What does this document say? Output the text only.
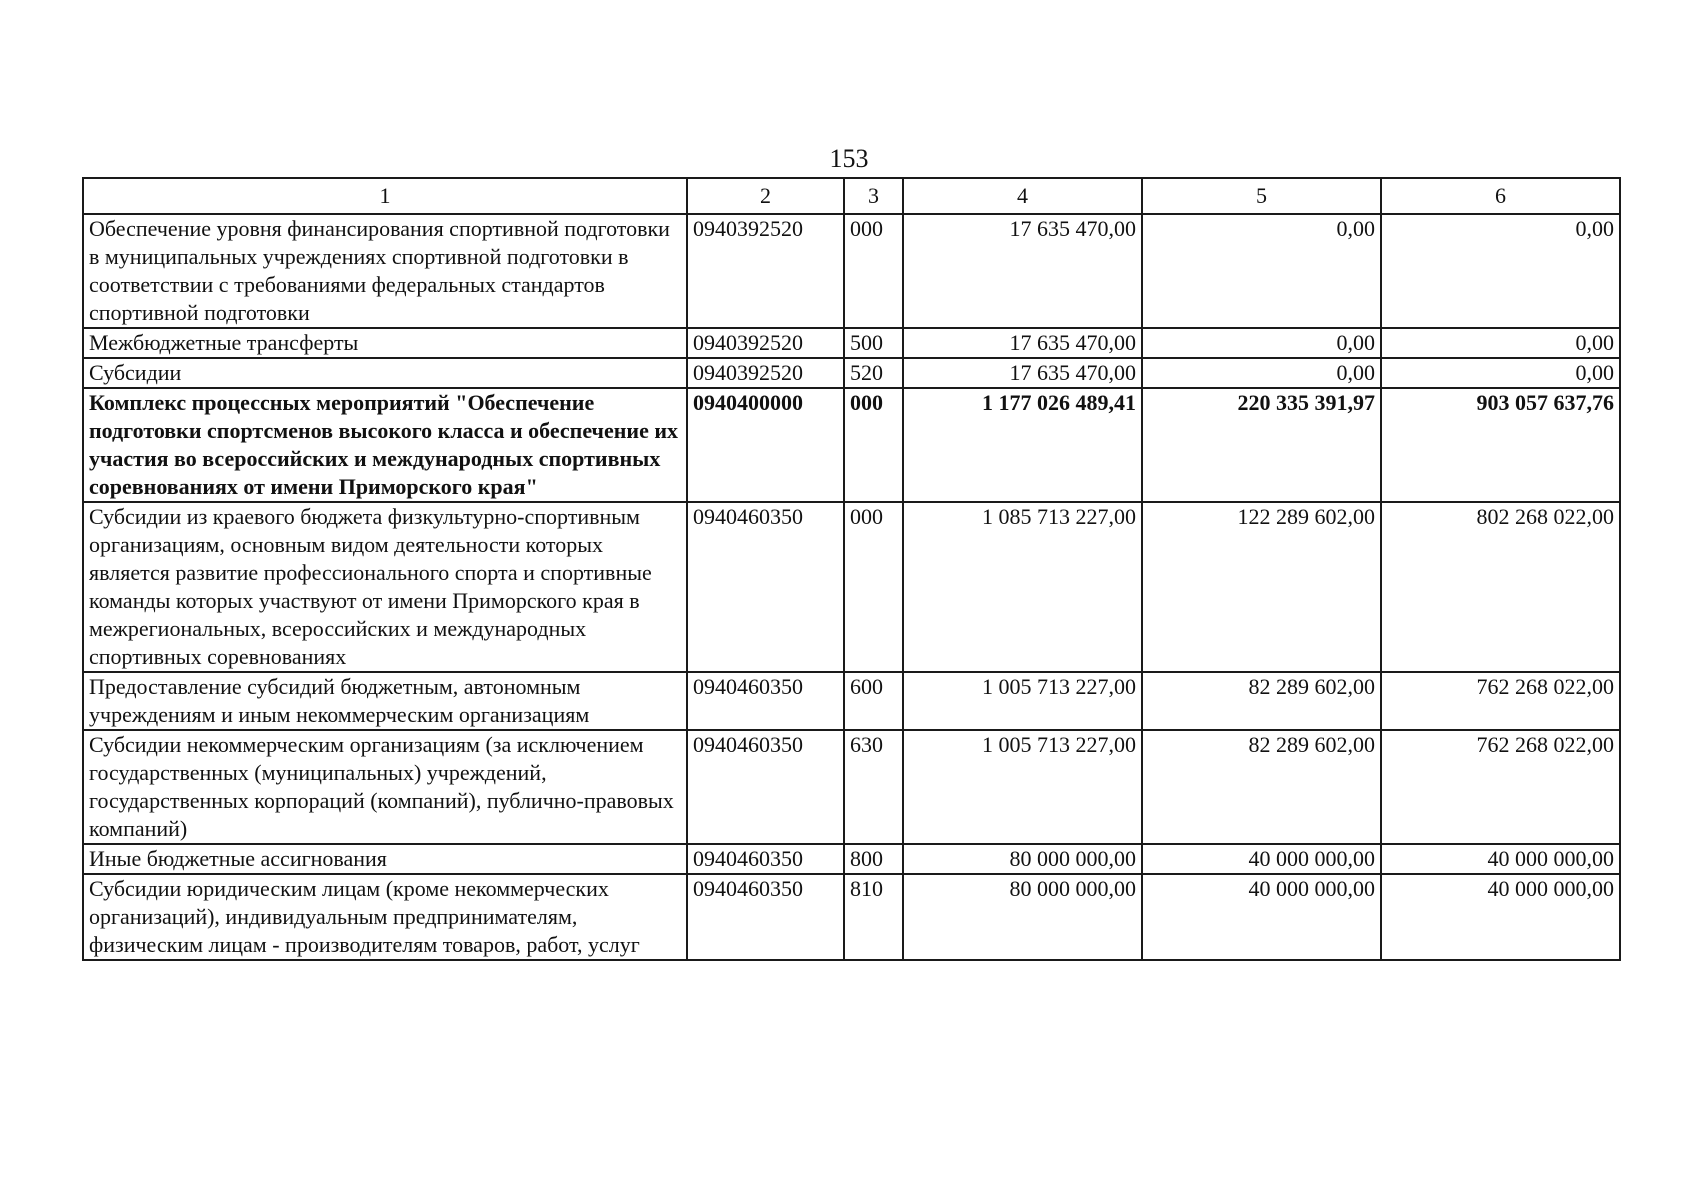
153
1	2	3	4	5	6
Обеспечение уровня финансирования спортивной подготовки в муниципальных учреждениях спортивной подготовки в соответствии с требованиями федеральных стандартов спортивной подготовки	0940392520	000	17 635 470,00	0,00	0,00
Межбюджетные трансферты	0940392520	500	17 635 470,00	0,00	0,00
Субсидии	0940392520	520	17 635 470,00	0,00	0,00
Комплекс процессных мероприятий "Обеспечение подготовки спортсменов высокого класса и обеспечение их участия во всероссийских и международных спортивных соревнованиях от имени Приморского края"	0940400000	000	1 177 026 489,41	220 335 391,97	903 057 637,76
Субсидии из краевого бюджета физкультурно-спортивным организациям, основным видом деятельности которых является развитие профессионального спорта и спортивные команды которых участвуют от имени Приморского края в межрегиональных, всероссийских и международных спортивных соревнованиях	0940460350	000	1 085 713 227,00	122 289 602,00	802 268 022,00
Предоставление субсидий бюджетным, автономным учреждениям и иным некоммерческим организациям	0940460350	600	1 005 713 227,00	82 289 602,00	762 268 022,00
Субсидии некоммерческим организациям (за исключением государственных (муниципальных) учреждений, государственных корпораций (компаний), публично-правовых компаний)	0940460350	630	1 005 713 227,00	82 289 602,00	762 268 022,00
Иные бюджетные ассигнования	0940460350	800	80 000 000,00	40 000 000,00	40 000 000,00
Субсидии юридическим лицам (кроме некоммерческих организаций), индивидуальным предпринимателям, физическим лицам - производителям товаров, работ, услуг	0940460350	810	80 000 000,00	40 000 000,00	40 000 000,00
